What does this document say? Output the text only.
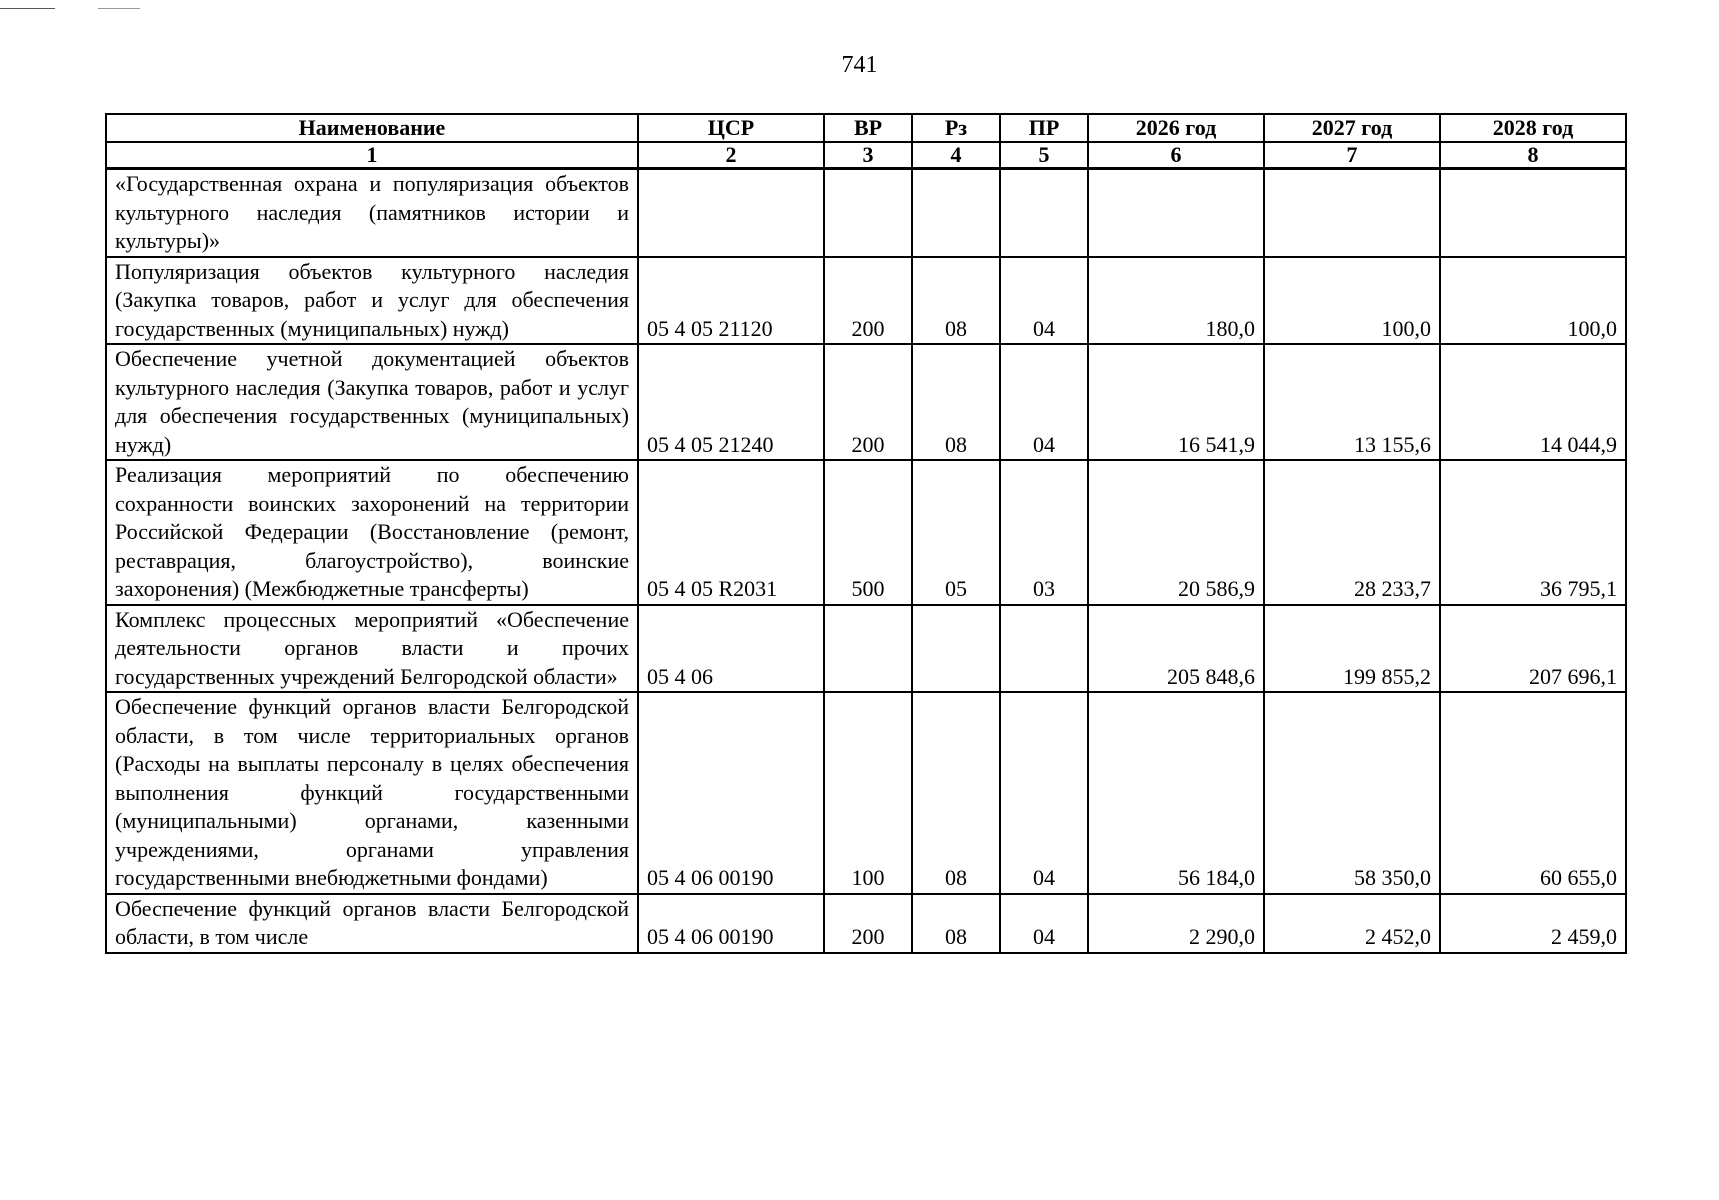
741
Наименование	ЦСР	ВР	Рз	ПР	2026 год	2027 год	2028 год
1	2	3	4	5	6	7	8
«Государственная охрана и популяризация объектов культурного наследия (памятников истории и культуры)»							
Популяризация объектов культурного наследия (Закупка товаров, работ и услуг для обеспечения государственных (муниципальных) нужд)	05 4 05 21120	200	08	04	180,0	100,0	100,0
Обеспечение учетной документацией объектов культурного наследия (Закупка товаров, работ и услуг для обеспечения государственных (муниципальных) нужд)	05 4 05 21240	200	08	04	16 541,9	13 155,6	14 044,9
Реализация мероприятий по обеспечению сохранности воинских захоронений на территории Российской Федерации (Восстановление (ремонт, реставрация, благоустройство), воинские захоронения) (Межбюджетные трансферты)	05 4 05 R2031	500	05	03	20 586,9	28 233,7	36 795,1
Комплекс процессных мероприятий «Обеспечение деятельности органов власти и прочих государственных учреждений Белгородской области»	05 4 06				205 848,6	199 855,2	207 696,1
Обеспечение функций органов власти Белгородской области, в том числе территориальных органов (Расходы на выплаты персоналу в целях обеспечения выполнения функций государственными (муниципальными) органами, казенными учреждениями, органами управления государственными внебюджетными фондами)	05 4 06 00190	100	08	04	56 184,0	58 350,0	60 655,0
Обеспечение функций органов власти Белгородской области, в том числе	05 4 06 00190	200	08	04	2 290,0	2 452,0	2 459,0
